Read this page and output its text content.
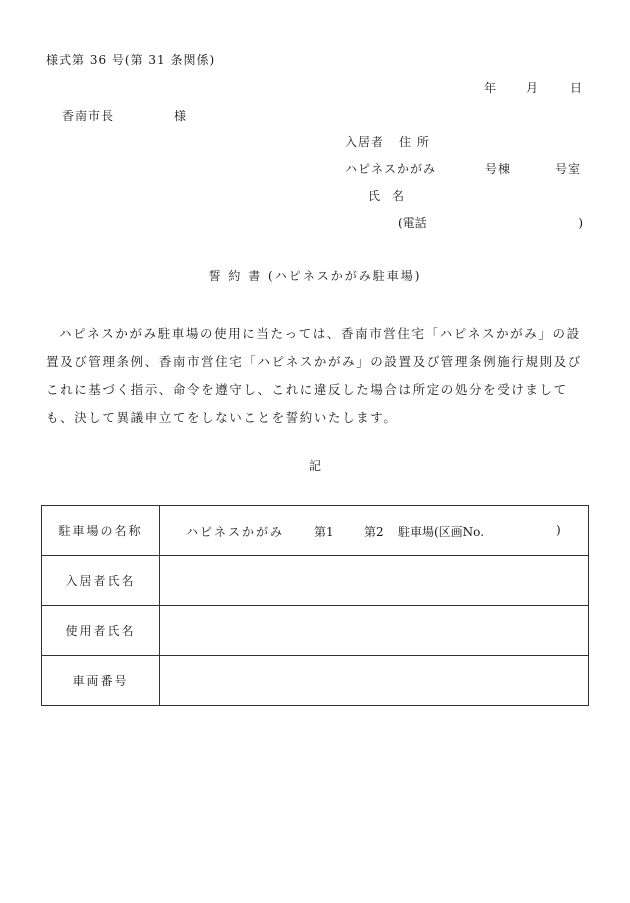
様式第 36 号(第 31 条関係)
年 月	日
香南市長	様
入居者 住 所
ハピネスかがみ	号棟	号室
氏 名
(電話	)
誓 約 書 (ハピネスかがみ駐車場)

ハピネスかがみ駐車場の使用に当たっては、香南市営住宅「ハピネスかがみ」の設置及び管理条例、香南市営住宅「ハピネスかがみ」の設置及び管理条例施行規則及びこれに基づく指示、命令を遵守し、これに違反した場合は所定の処分を受けましても、決して異議申立てをしないことを誓約いたします。

記
駐車場の名称	ハピネスかがみ 第1 第2 駐車場(区画No. )

入居者氏名	
使用者氏名	
車両番号	
